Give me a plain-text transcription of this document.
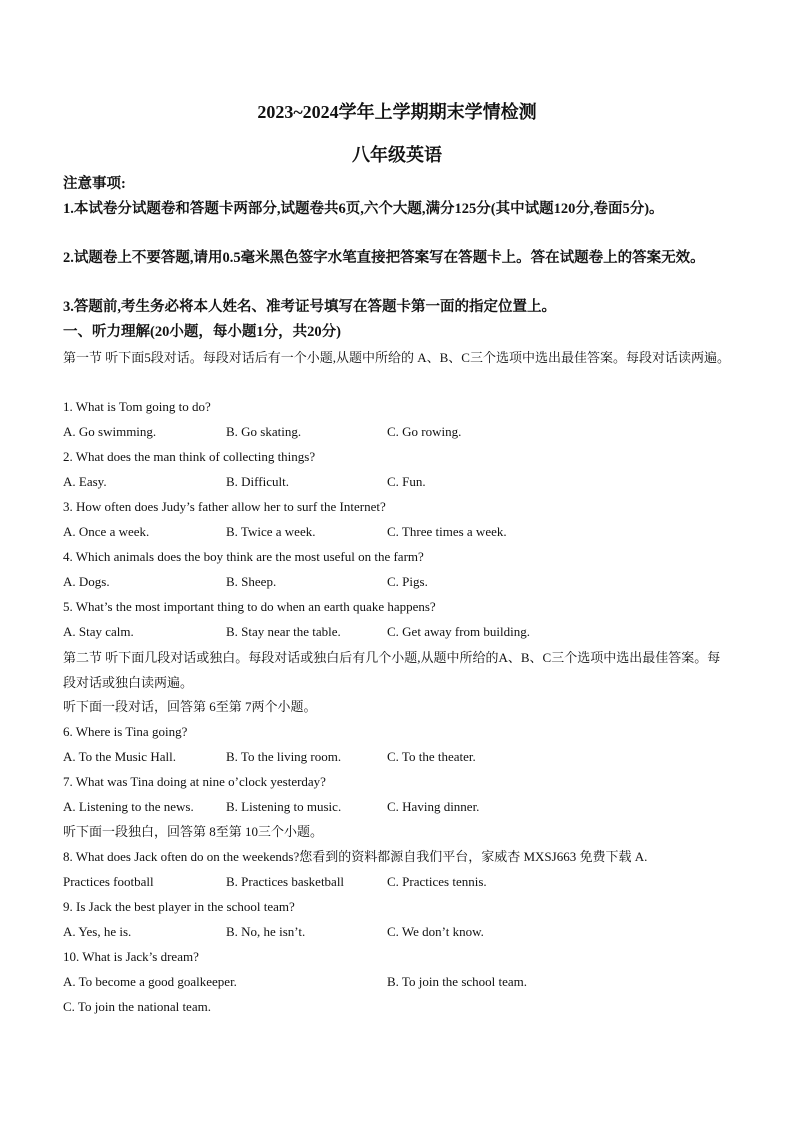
2023~2024学年上学期期末学情检测
八年级英语
注意事项:
1.本试卷分试题卷和答题卡两部分,试题卷共6页,六个大题,满分125分(其中试题120分,卷面5分)。
2.试题卷上不要答题,请用0.5毫米黑色签字水笔直接把答案写在答题卡上。答在试题卷上的答案无效。
3.答题前,考生务必将本人姓名、准考证号填写在答题卡第一面的指定位置上。
一、听力理解(20小题，每小题1分，共20分)
第一节 听下面5段对话。每段对话后有一个小题,从题中所给的 A、B、C三个选项中选出最佳答案。每段对话读两遍。
1. What is Tom going to do?
A. Go swimming.	B. Go skating.	C. Go rowing.
2. What does the man think of collecting things?
A. Easy.	B. Difficult.	C. Fun.
3. How often does Judy’s father allow her to surf the Internet?
A. Once a week.	B. Twice a week.	C. Three times a week.
4. Which animals does the boy think are the most useful on the farm?
A. Dogs.	B. Sheep.	C. Pigs.
5. What’s the most important thing to do when an earth quake happens?
A. Stay calm.	B. Stay near the table.	C. Get away from building.
第二节 听下面几段对话或独白。每段对话或独白后有几个小题,从题中所给的A、B、C三个选项中选出最佳答案。每段对话或独白读两遍。
听下面一段对话，回答第 6至第 7两个小题。
6. Where is Tina going?
A. To the Music Hall.	B. To the living room.	C. To the theater.
7. What was Tina doing at nine o’clock yesterday?
A. Listening to the news. B. Listening to music.	C. Having dinner.
听下面一段独白，回答第 8至第 10三个小题。
8. What does Jack often do on the weekends?您看到的资料都源自我们平台，家威杏 MXSJ663 免费下载 A.
Practices football	B. Practices basketball	C. Practices tennis.
9. Is Jack the best player in the school team?
A. Yes, he is.	B. No, he isn’t.	C. We don’t know.
10. What is Jack’s dream?
A. To become a good goalkeeper.	B. To join the school team.
C. To join the national team.
